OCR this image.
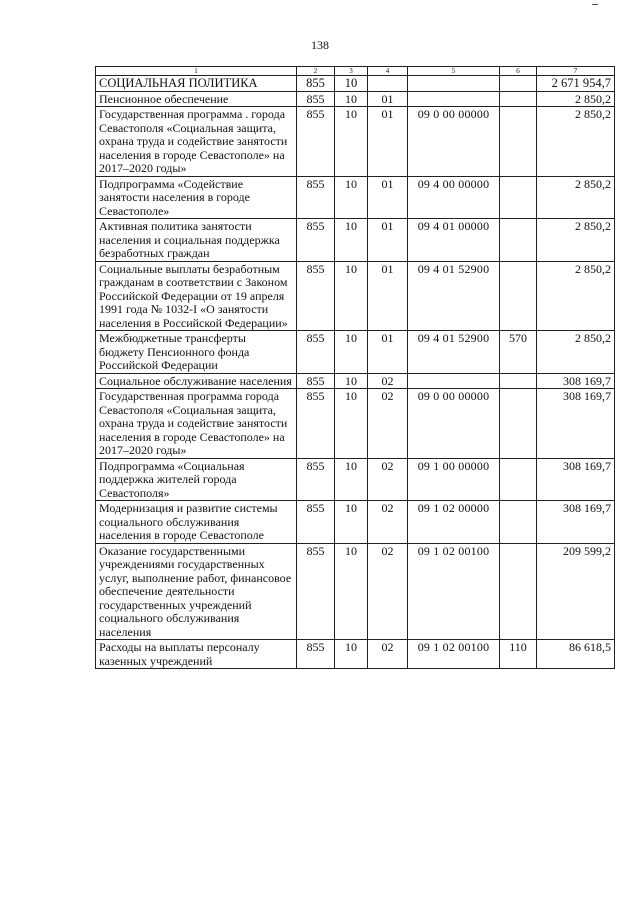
138
1	2	3	4	5	6	7
СОЦИАЛЬНАЯ ПОЛИТИКА	855	10				2 671 954,7
Пенсионное обеспечение	855	10	01			2 850,2
Государственная программа . города Севастополя «Социальная защита, охрана труда и содействие занятости населения в городе Севастополе» на 2017–2020 годы»	855	10	01	09 0 00 00000		2 850,2
Подпрограмма «Содействие занятости населения в городе Севастополе»	855	10	01	09 4 00 00000		2 850,2
Активная политика занятости населения и социальная поддержка безработных граждан	855	10	01	09 4 01 00000		2 850,2
Социальные выплаты безработным гражданам в соответствии с Законом Российской Федерации от 19 апреля 1991 года № 1032-I «О занятости населения в Российской Федерации»	855	10	01	09 4 01 52900		2 850,2
Межбюджетные трансферты бюджету Пенсионного фонда Российской Федерации	855	10	01	09 4 01 52900	570	2 850,2
Социальное обслуживание населения	855	10	02			308 169,7
Государственная программа города Севастополя «Социальная защита, охрана труда и содействие занятости населения в городе Севастополе» на 2017–2020 годы»	855	10	02	09 0 00 00000		308 169,7
Подпрограмма «Социальная поддержка жителей города Севастополя»	855	10	02	09 1 00 00000		308 169,7
Модернизация и развитие системы социального обслуживания населения в городе Севастополе	855	10	02	09 1 02 00000		308 169,7
Оказание государственными учреждениями государственных услуг, выполнение работ, финансовое обеспечение деятельности государственных учреждений социального обслуживания населения	855	10	02	09 1 02 00100		209 599,2
Расходы на выплаты персоналу казенных учреждений	855	10	02	09 1 02 00100	110	86 618,5
